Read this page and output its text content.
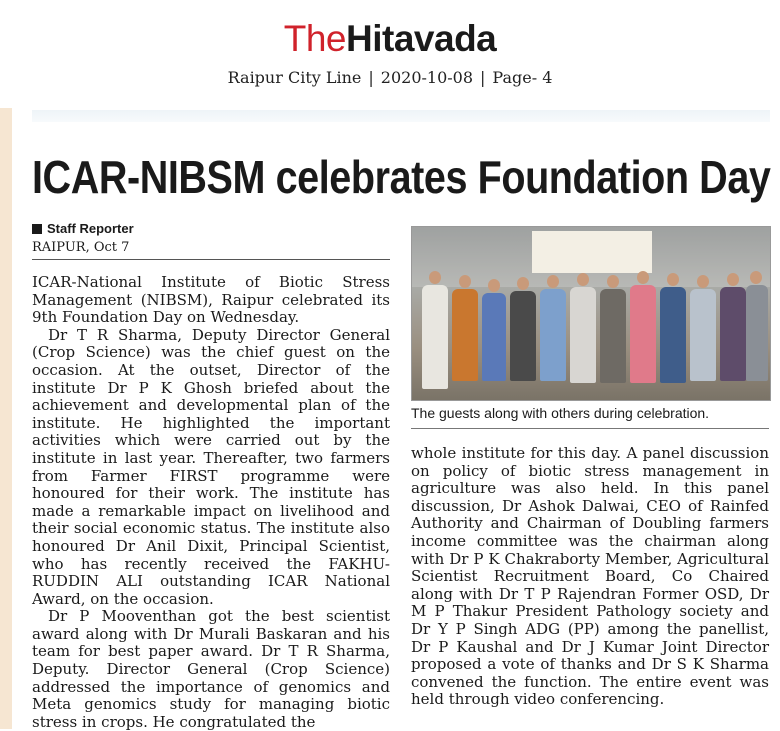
TheHitavada
Raipur City Line | 2020-10-08 | Page- 4
ICAR-NIBSM celebrates Foundation Day
Staff Reporter
RAIPUR, Oct 7

ICAR-National Institute of Biotic Stress Management (NIBSM), Raipur celebrated its 9th Foundation Day on Wednesday.

Dr T R Sharma, Deputy Director General (Crop Science) was the chief guest on the occasion. At the outset, Director of the institute Dr P K Ghosh briefed about the achievement and developmental plan of the institute. He highlighted the important activities which were carried out by the institute in last year. Thereafter, two farmers from Farmer FIRST programme were honoured for their work. The institute has made a remarkable impact on livelihood and their social economic status. The institute also honoured Dr Anil Dixit, Principal Scientist, who has recently received the FAKHU-RUDDIN ALI outstanding ICAR National Award, on the occasion.

Dr P Mooventhan got the best scientist award along with Dr Murali Baskaran and his team for best paper award. Dr T R Sharma, Deputy. Director General (Crop Science) addressed the importance of genomics and Meta genomics study for managing biotic stress in crops. He congratulated the

The guests along with others during celebration.

whole institute for this day. A panel discussion on policy of biotic stress management in agriculture was also held. In this panel discussion, Dr Ashok Dalwai, CEO of Rainfed Authority and Chairman of Doubling farmers income committee was the chairman along with Dr P K Chakraborty Member, Agricultural Scientist Recruitment Board, Co Chaired along with Dr T P Rajendran Former OSD, Dr M P Thakur President Pathology society and Dr Y P Singh ADG (PP) among the panellist, Dr P Kaushal and Dr J Kumar Joint Director proposed a vote of thanks and Dr S K Sharma convened the function. The entire event was held through video conferencing.
